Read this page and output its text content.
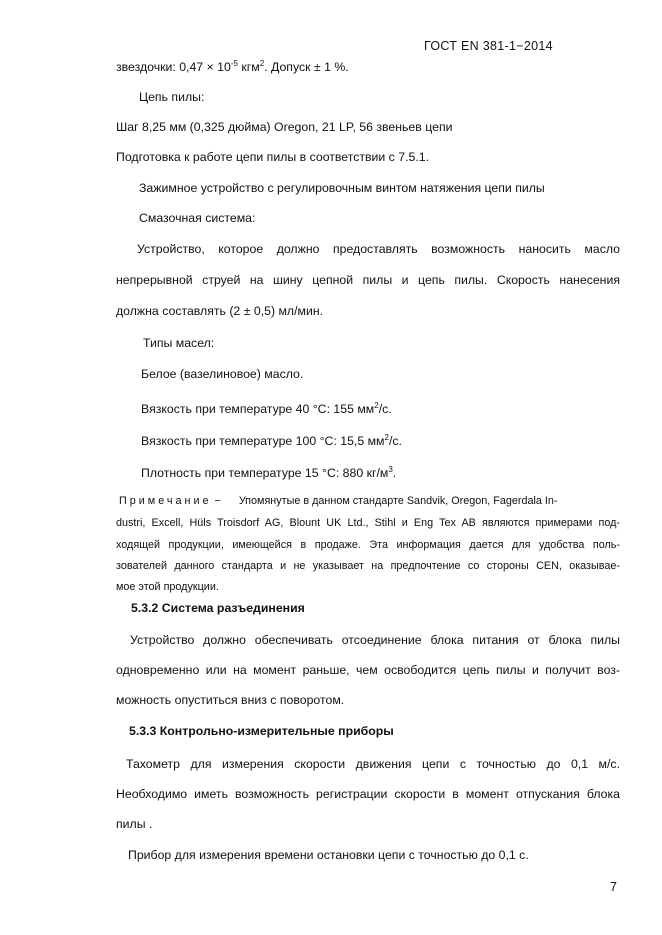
ГОСТ EN 381-1−2014

звездочки: $0,47 \times 10^{-5}$ кгм$^2$. Допуск ± 1 %.

Цепь пилы:

Шаг 8,25 мм (0,325 дюйма) Oregon, 21 LP, 56 звеньев цепи

Подготовка к работе цепи пилы в соответствии с 7.5.1.

Зажимное устройство с регулировочным винтом натяжения цепи пилы

Смазочная система:

Устройство, которое должно предоставлять возможность наносить масло

непрерывной струей на шину цепной пилы и цепь пилы. Скорость нанесения

должна составлять (2 ± 0,5) мл/мин.

Типы масел:

Белое (вазелиновое) масло.

Вязкость при температуре 40 °С: 155 $мм^2/с$.

Вязкость при температуре 100 °С: 15,5 $мм^2/с$.

Плотность при температуре 15 °С: 880 $кг/м^3$.

Примечание − Упомянутые в данном стандарте Sandvik, Oregon, Fagerdala In-

dustri, Excell, Hüls Troisdorf AG, Blount UK Ltd., Stihl и Eng Tex AB являются примерами под-

ходящей продукции, имеющейся в продаже. Эта информация дается для удобства поль-

зователей данного стандарта и не указывает на предпочтение со стороны CEN, оказывае-

мое этой продукции.

5.3.2 Система разъединения

Устройство должно обеспечивать отсоединение блока питания от блока пилы

одновременно или на момент раньше, чем освободится цепь пилы и получит воз-

можность опуститься вниз с поворотом.

5.3.3 Контрольно-измерительные приборы

Тахометр для измерения скорости движения цепи с точностью до 0,1 м/с.

Необходимо иметь возможность регистрации скорости в момент отпускания блока

пилы .

Прибор для измерения времени остановки цепи с точностью до 0,1 с.

7
